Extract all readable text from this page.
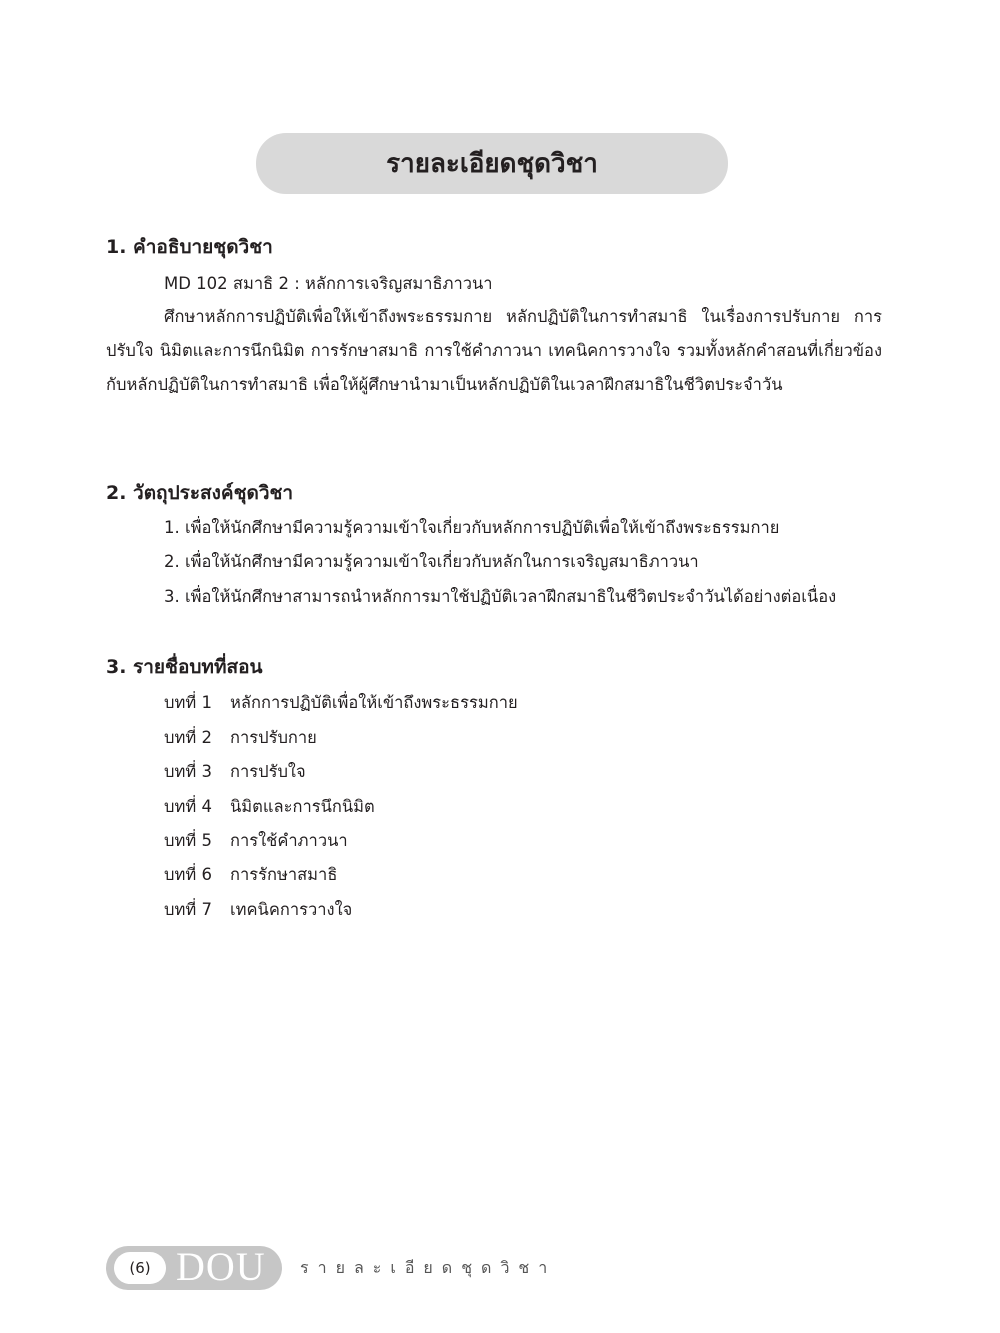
รายละเอียดชุดวิชา
1. คำอธิบายชุดวิชา
MD 102 สมาธิ 2 : หลักการเจริญสมาธิภาวนา
ศึกษาหลักการปฏิบัติเพื่อให้เข้าถึงพระธรรมกาย หลักปฏิบัติในการทำสมาธิ ในเรื่องการปรับกาย การปรับใจ นิมิตและการนึกนิมิต การรักษาสมาธิ การใช้คำภาวนา เทคนิคการวางใจ รวมทั้งหลักคำสอนที่เกี่ยวข้องกับหลักปฏิบัติในการทำสมาธิ เพื่อให้ผู้ศึกษานำมาเป็นหลักปฏิบัติในเวลาฝึกสมาธิในชีวิตประจำวัน
2. วัตถุประสงค์ชุดวิชา
1. เพื่อให้นักศึกษามีความรู้ความเข้าใจเกี่ยวกับหลักการปฏิบัติเพื่อให้เข้าถึงพระธรรมกาย
2. เพื่อให้นักศึกษามีความรู้ความเข้าใจเกี่ยวกับหลักในการเจริญสมาธิภาวนา
3. เพื่อให้นักศึกษาสามารถนำหลักการมาใช้ปฏิบัติเวลาฝึกสมาธิในชีวิตประจำวันได้อย่างต่อเนื่อง
3. รายชื่อบทที่สอน
บทที่ 1 หลักการปฏิบัติเพื่อให้เข้าถึงพระธรรมกาย
บทที่ 2 การปรับกาย
บทที่ 3 การปรับใจ
บทที่ 4 นิมิตและการนึกนิมิต
บทที่ 5 การใช้คำภาวนา
บทที่ 6 การรักษาสมาธิ
บทที่ 7 เทคนิคการวางใจ
(6) DOU รายละเอียดชุดวิชา
